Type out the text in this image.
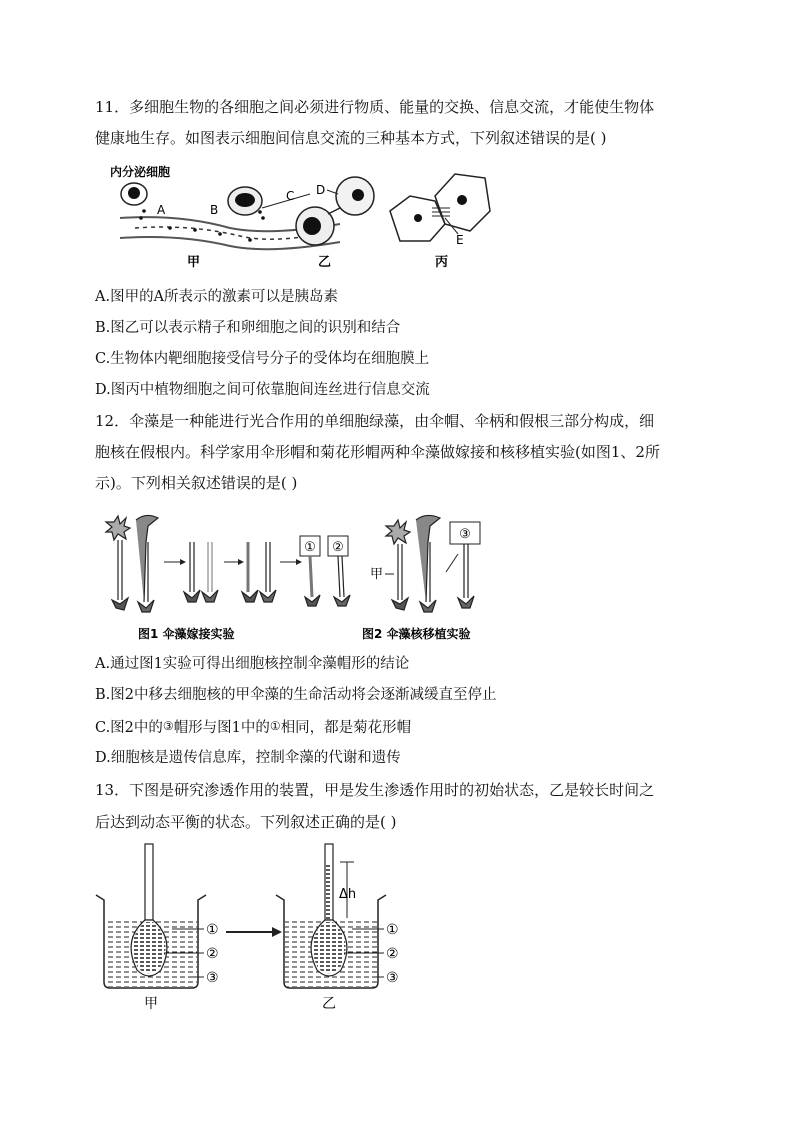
11．多细胞生物的各细胞之间必须进行物质、能量的交换、信息交流，才能使生物体
健康地生存。如图表示细胞间信息交流的三种基本方式，下列叙述错误的是( )
内分泌细胞
A	B
C D
E
甲	乙	丙
A.图甲的A所表示的激素可以是胰岛素
B.图乙可以表示精子和卵细胞之间的识别和结合
C.生物体内靶细胞接受信号分子的受体均在细胞膜上
D.图丙中植物细胞之间可依靠胞间连丝进行信息交流
12．伞藻是一种能进行光合作用的单细胞绿藻，由伞帽、伞柄和假根三部分构成，细
胞核在假根内。科学家用伞形帽和菊花形帽两种伞藻做嫁接和核移植实验(如图1、2所
示)。下列相关叙述错误的是( )
① ②
甲
③
图1 伞藻嫁接实验	图2 伞藻核移植实验
A.通过图1实验可得出细胞核控制伞藻帽形的结论
B.图2中移去细胞核的甲伞藻的生命活动将会逐渐减缓直至停止
C.图2中的③帽形与图1中的①相同，都是菊花形帽
D.细胞核是遗传信息库，控制伞藻的代谢和遗传
13．下图是研究渗透作用的装置，甲是发生渗透作用时的初始状态，乙是较长时间之
后达到动态平衡的状态。下列叙述正确的是( )
①
②
③
甲
Δh
①
②
③
乙
